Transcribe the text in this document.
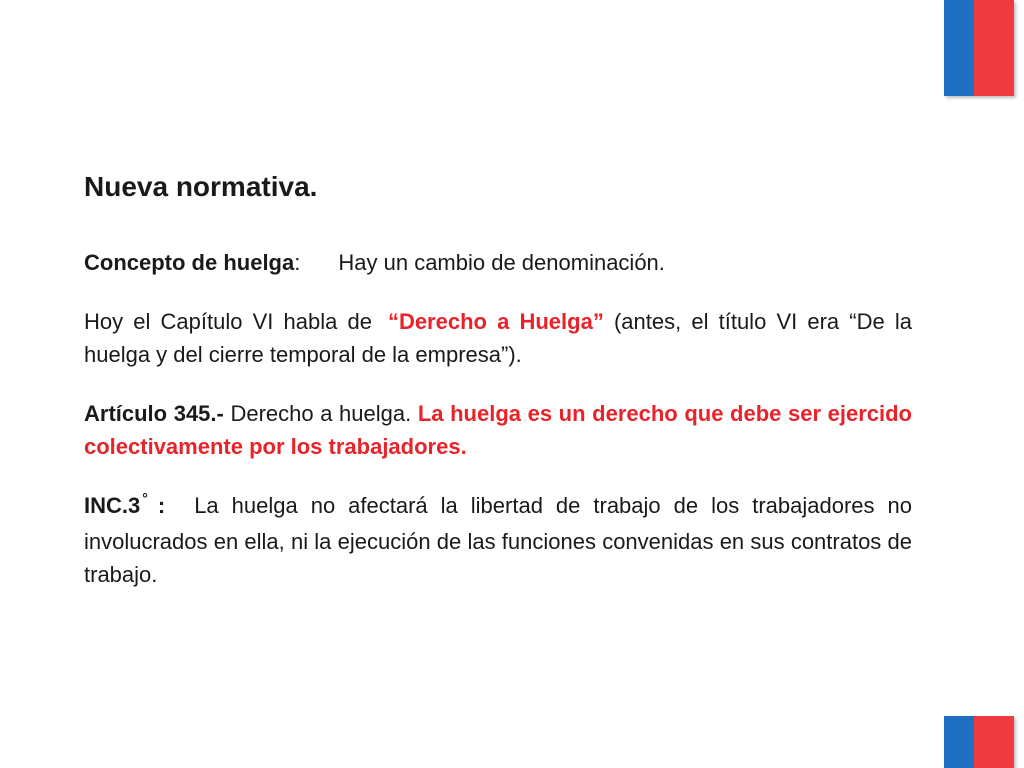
Nueva normativa.

Concepto de huelga: Hay un cambio de denominación.

Hoy el Capítulo VI habla de “Derecho a Huelga” (antes, el título VI era “De la huelga y del cierre temporal de la empresa”).

Artículo 345.- Derecho a huelga. La huelga es un derecho que debe ser ejercido colectivamente por los trabajadores.

INC.3 ° : La huelga no afectará la libertad de trabajo de los trabajadores no involucrados en ella, ni la ejecución de las funciones convenidas en sus contratos de trabajo.
